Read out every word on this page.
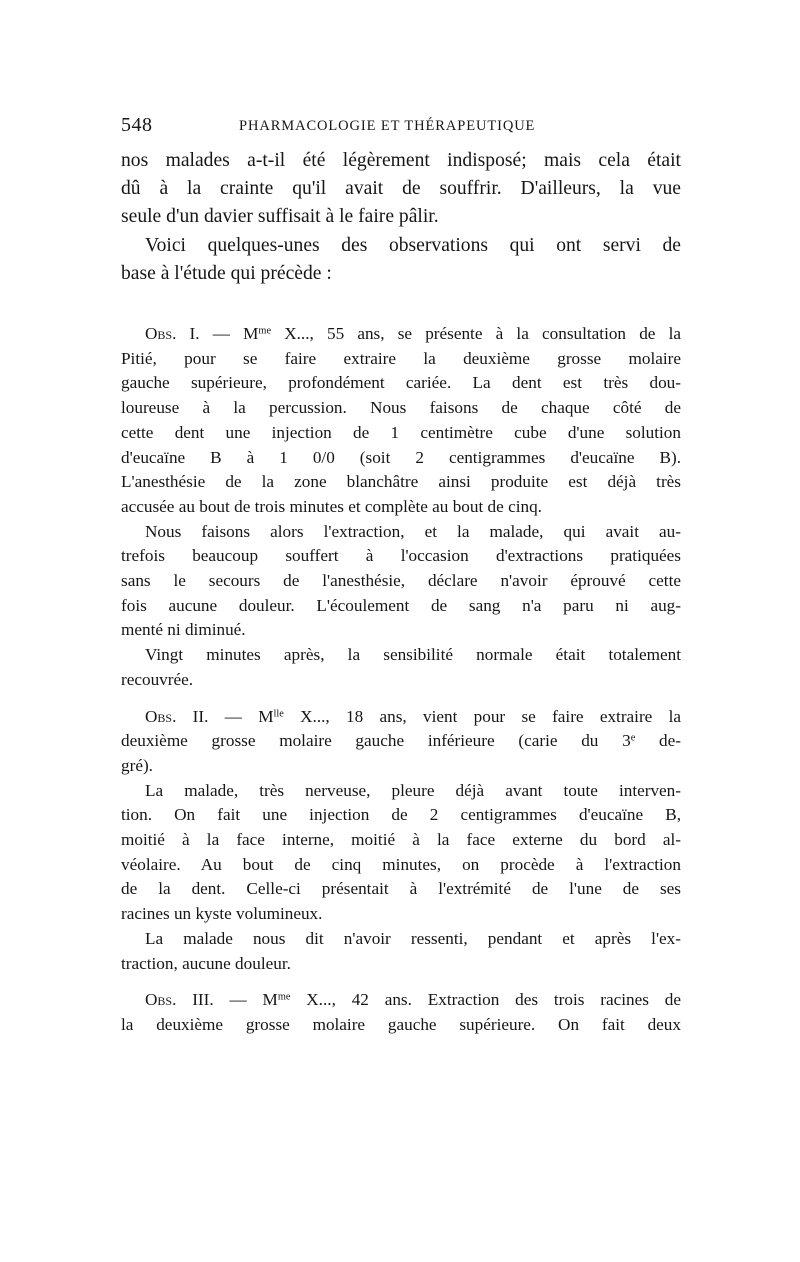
548	PHARMACOLOGIE ET THÉRAPEUTIQUE

nos malades a-t-il été légèrement indisposé; mais cela était

dû à la crainte qu'il avait de souffrir. D'ailleurs, la vue

seule d'un davier suffisait à le faire pâlir.

Voici quelques-unes des observations qui ont servi de

base à l'étude qui précède :

Obs. I. — $M^{me}$ X..., 55 ans, se présente à la consultation de la

Pitié, pour se faire extraire la deuxième grosse molaire

gauche supérieure, profondément cariée. La dent est très dou-

loureuse à la percussion. Nous faisons de chaque côté de

cette dent une injection de 1 centimètre cube d'une solution

d'eucaïne B à 1 0/0 (soit 2 centigrammes d'eucaïne B).

L'anesthésie de la zone blanchâtre ainsi produite est déjà très

accusée au bout de trois minutes et complète au bout de cinq.

Nous faisons alors l'extraction, et la malade, qui avait au-

trefois beaucoup souffert à l'occasion d'extractions pratiquées

sans le secours de l'anesthésie, déclare n'avoir éprouvé cette

fois aucune douleur. L'écoulement de sang n'a paru ni aug-

menté ni diminué.

Vingt minutes après, la sensibilité normale était totalement

recouvrée.

Obs. II. — $M^{lle}$ X..., 18 ans, vient pour se faire extraire la

deuxième grosse molaire gauche inférieure (carie du 3e de-

gré).

La malade, très nerveuse, pleure déjà avant toute interven-

tion. On fait une injection de 2 centigrammes d'eucaïne B,

moitié à la face interne, moitié à la face externe du bord al-

véolaire. Au bout de cinq minutes, on procède à l'extraction

de la dent. Celle-ci présentait à l'extrémité de l'une de ses

racines un kyste volumineux.

La malade nous dit n'avoir ressenti, pendant et après l'ex-

traction, aucune douleur.

Obs. III. — $M^{me}$ X..., 42 ans. Extraction des trois racines de

la deuxième grosse molaire gauche supérieure. On fait deux
